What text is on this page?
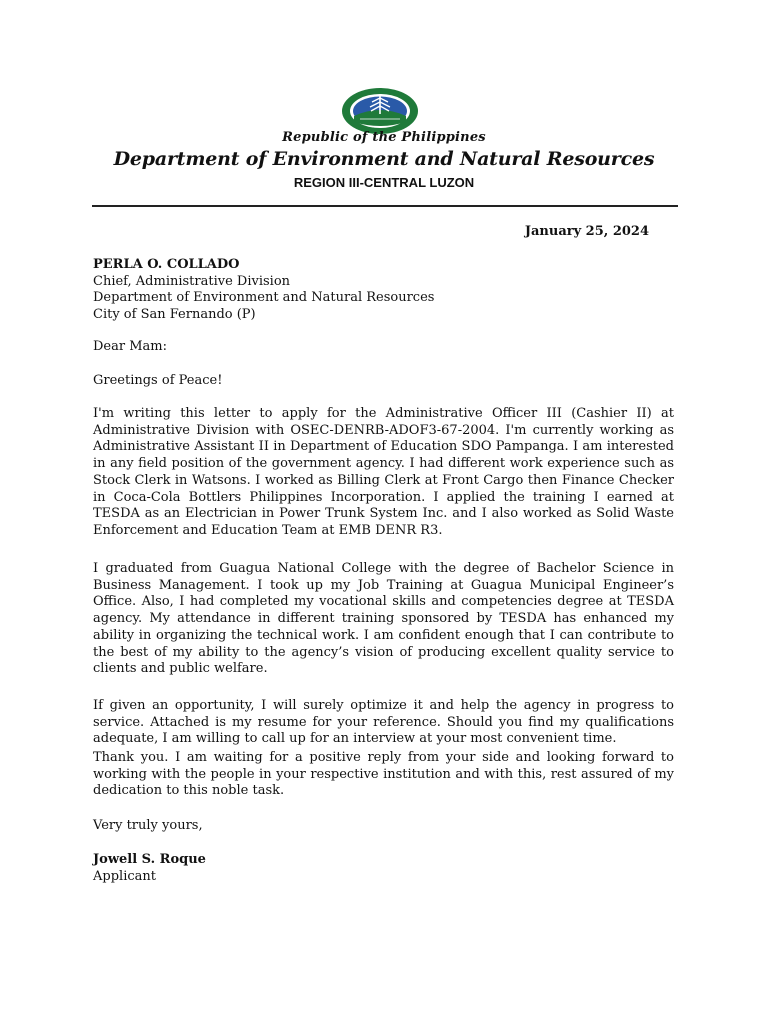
Republic of the Philippines
Department of Environment and Natural Resources
REGION III-CENTRAL LUZON
January 25, 2024

PERLA O. COLLADO

Chief, Administrative Division

Department of Environment and Natural Resources

City of San Fernando (P)

Dear Mam:

Greetings of Peace!

I'm writing this letter to apply for the Administrative Officer III (Cashier II) at Administrative Division with OSEC-DENRB-ADOF3-67-2004. I'm currently working as Administrative Assistant II in Department of Education SDO Pampanga. I am interested in any field position of the government agency. I had different work experience such as Stock Clerk in Watsons. I worked as Billing Clerk at Front Cargo then Finance Checker in Coca-Cola Bottlers Philippines Incorporation. I applied the training I earned at TESDA as an Electrician in Power Trunk System Inc. and I also worked as Solid Waste Enforcement and Education Team at EMB DENR R3.

I graduated from Guagua National College with the degree of Bachelor Science in Business Management. I took up my Job Training at Guagua Municipal Engineer’s Office. Also, I had completed my vocational skills and competencies degree at TESDA agency. My attendance in different training sponsored by TESDA has enhanced my ability in organizing the technical work. I am confident enough that I can contribute to the best of my ability to the agency’s vision of producing excellent quality service to clients and public welfare.

If given an opportunity, I will surely optimize it and help the agency in progress to service. Attached is my resume for your reference. Should you find my qualifications adequate, I am willing to call up for an interview at your most convenient time.

Thank you. I am waiting for a positive reply from your side and looking forward to working with the people in your respective institution and with this, rest assured of my dedication to this noble task.

Very truly yours,

Jowell S. Roque

Applicant
